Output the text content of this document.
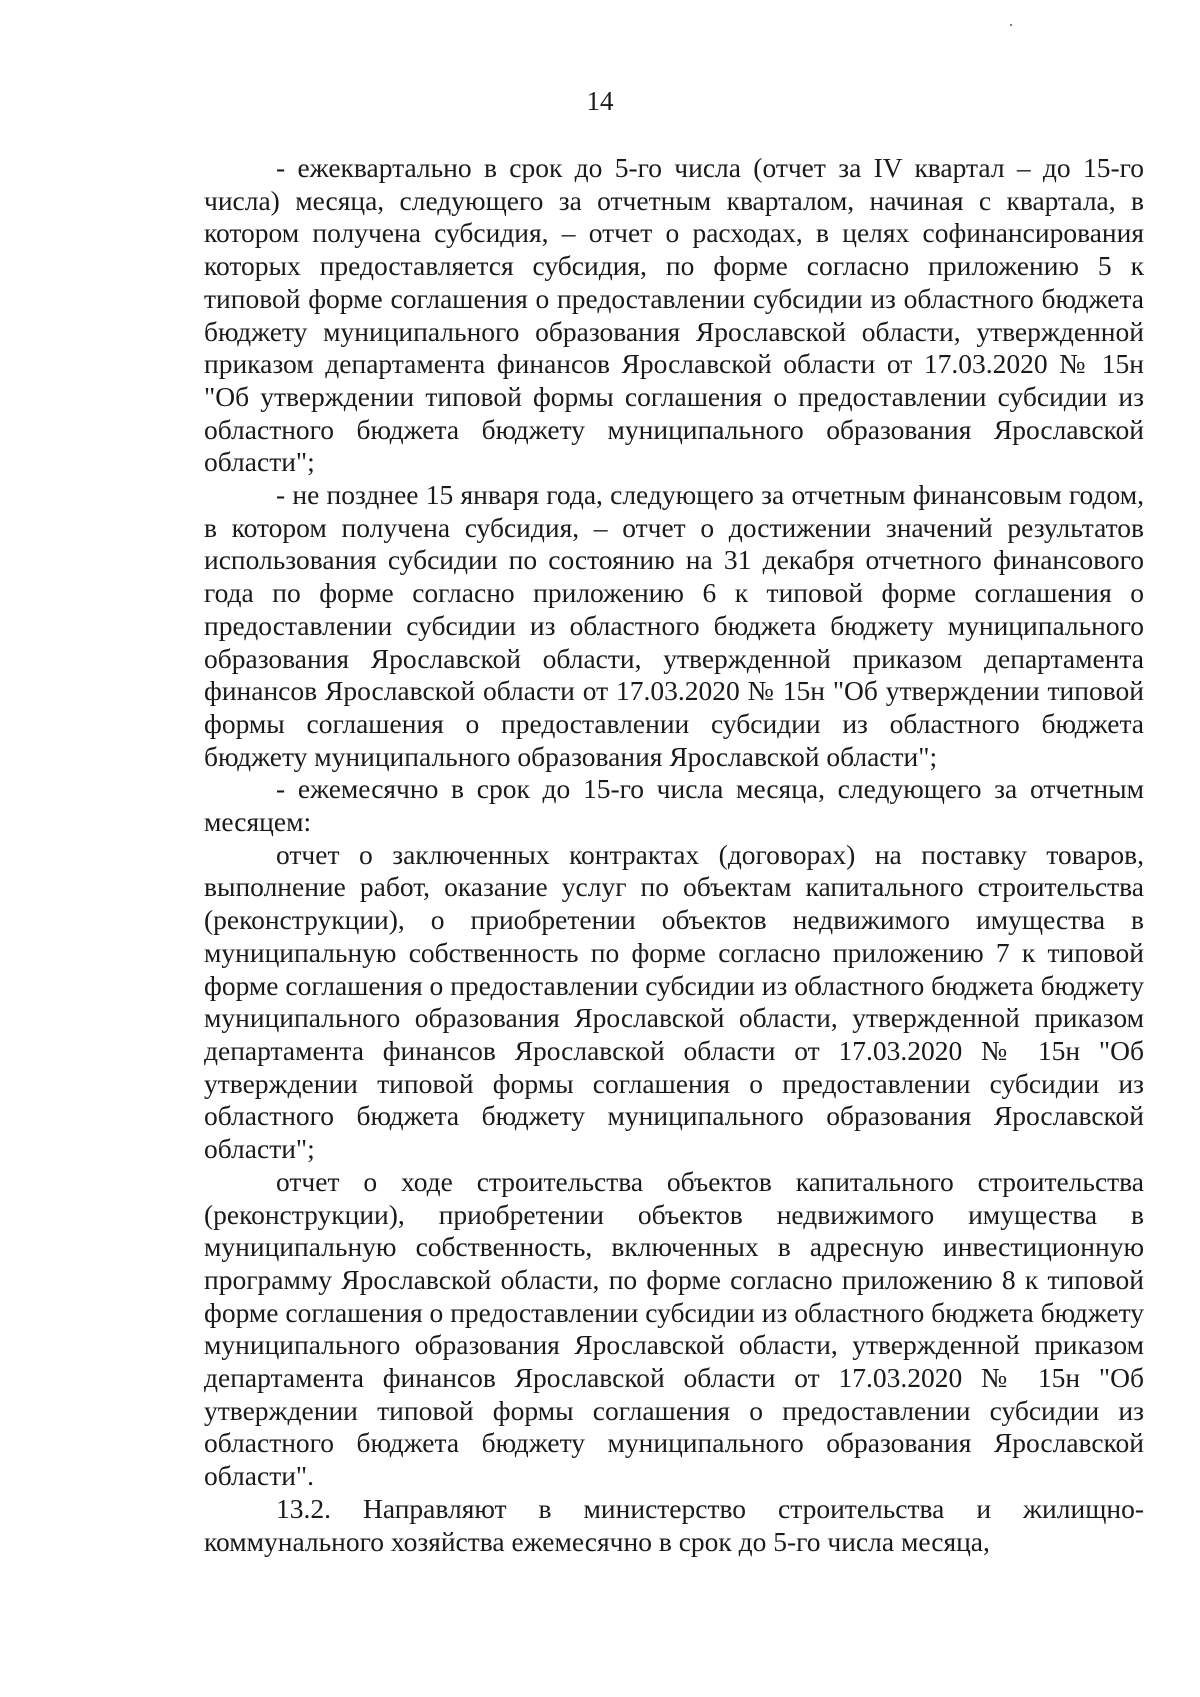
14

- ежеквартально в срок до 5-го числа (отчет за IV квартал – до 15-го числа) месяца, следующего за отчетным кварталом, начиная с квартала, в котором получена субсидия, – отчет о расходах, в целях софинансирования которых предоставляется субсидия, по форме согласно приложению 5 к типовой форме соглашения о предоставлении субсидии из областного бюджета бюджету муниципального образования Ярославской области, утвержденной приказом департамента финансов Ярославской области от 17.03.2020 № 15н "Об утверждении типовой формы соглашения о предоставлении субсидии из областного бюджета бюджету муниципального образования Ярославской области";

- не позднее 15 января года, следующего за отчетным финансовым годом, в котором получена субсидия, – отчет о достижении значений результатов использования субсидии по состоянию на 31 декабря отчетного финансового года по форме согласно приложению 6 к типовой форме соглашения о предоставлении субсидии из областного бюджета бюджету муниципального образования Ярославской области, утвержденной приказом департамента финансов Ярославской области от 17.03.2020 № 15н "Об утверждении типовой формы соглашения о предоставлении субсидии из областного бюджета бюджету муниципального образования Ярославской области";

- ежемесячно в срок до 15-го числа месяца, следующего за отчетным месяцем:

отчет о заключенных контрактах (договорах) на поставку товаров, выполнение работ, оказание услуг по объектам капитального строительства (реконструкции), о приобретении объектов недвижимого имущества в муниципальную собственность по форме согласно приложению 7 к типовой форме соглашения о предоставлении субсидии из областного бюджета бюджету муниципального образования Ярославской области, утвержденной приказом департамента финансов Ярославской области от 17.03.2020 № 15н "Об утверждении типовой формы соглашения о предоставлении субсидии из областного бюджета бюджету муниципального образования Ярославской области";

отчет о ходе строительства объектов капитального строительства (реконструкции), приобретении объектов недвижимого имущества в муниципальную собственность, включенных в адресную инвестиционную программу Ярославской области, по форме согласно приложению 8 к типовой форме соглашения о предоставлении субсидии из областного бюджета бюджету муниципального образования Ярославской области, утвержденной приказом департамента финансов Ярославской области от 17.03.2020 № 15н "Об утверждении типовой формы соглашения о предоставлении субсидии из областного бюджета бюджету муниципального образования Ярославской области".

13.2. Направляют в министерство строительства и жилищно-коммунального хозяйства ежемесячно в срок до 5-го числа месяца,
